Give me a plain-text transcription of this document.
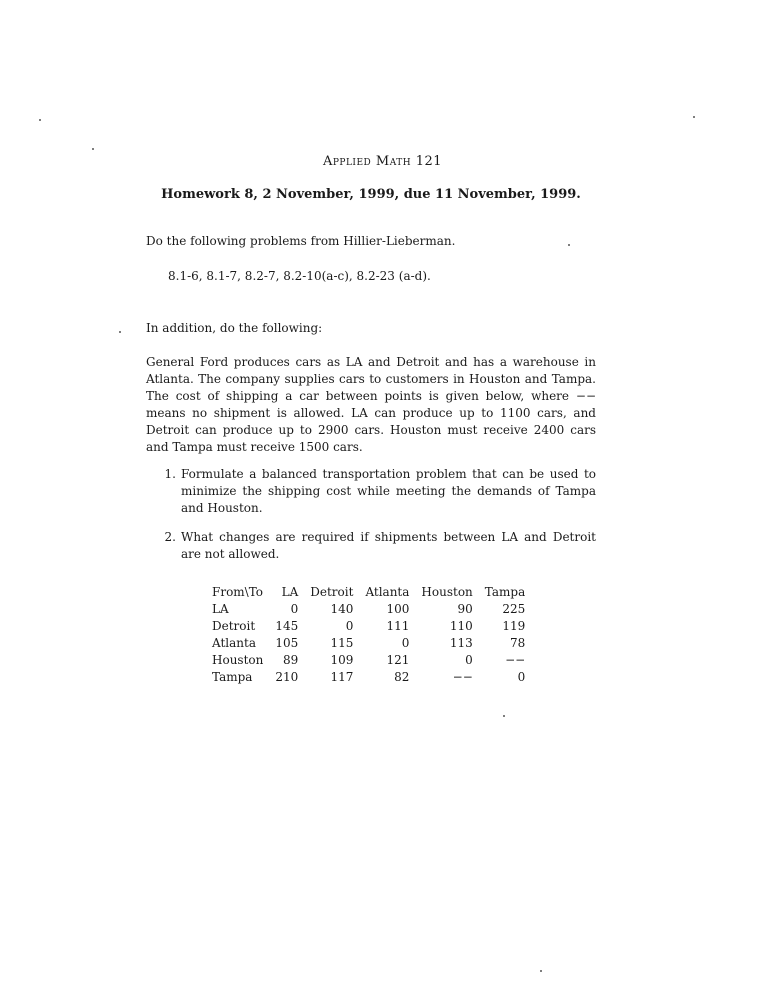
Applied Math 121
Homework 8, 2 November, 1999, due 11 November, 1999.
Do the following problems from Hillier-Lieberman.
8.1-6, 8.1-7, 8.2-7, 8.2-10(a-c), 8.2-23 (a-d).
In addition, do the following:
General Ford produces cars as LA and Detroit and has a warehouse in Atlanta. The company supplies cars to customers in Houston and Tampa. The cost of shipping a car between points is given below, where −− means no shipment is allowed. LA can produce up to 1100 cars, and Detroit can produce up to 2900 cars. Houston must receive 2400 cars and Tampa must receive 1500 cars.
1. Formulate a balanced transportation problem that can be used to minimize the shipping cost while meeting the demands of Tampa and Houston.
2. What changes are required if shipments between LA and Detroit are not allowed.
From\To	LA	Detroit	Atlanta	Houston	Tampa
LA	0	140	100	90	225
Detroit	145	0	111	110	119
Atlanta	105	115	0	113	78
Houston	89	109	121	0	−−
Tampa	210	117	82	−−	0
